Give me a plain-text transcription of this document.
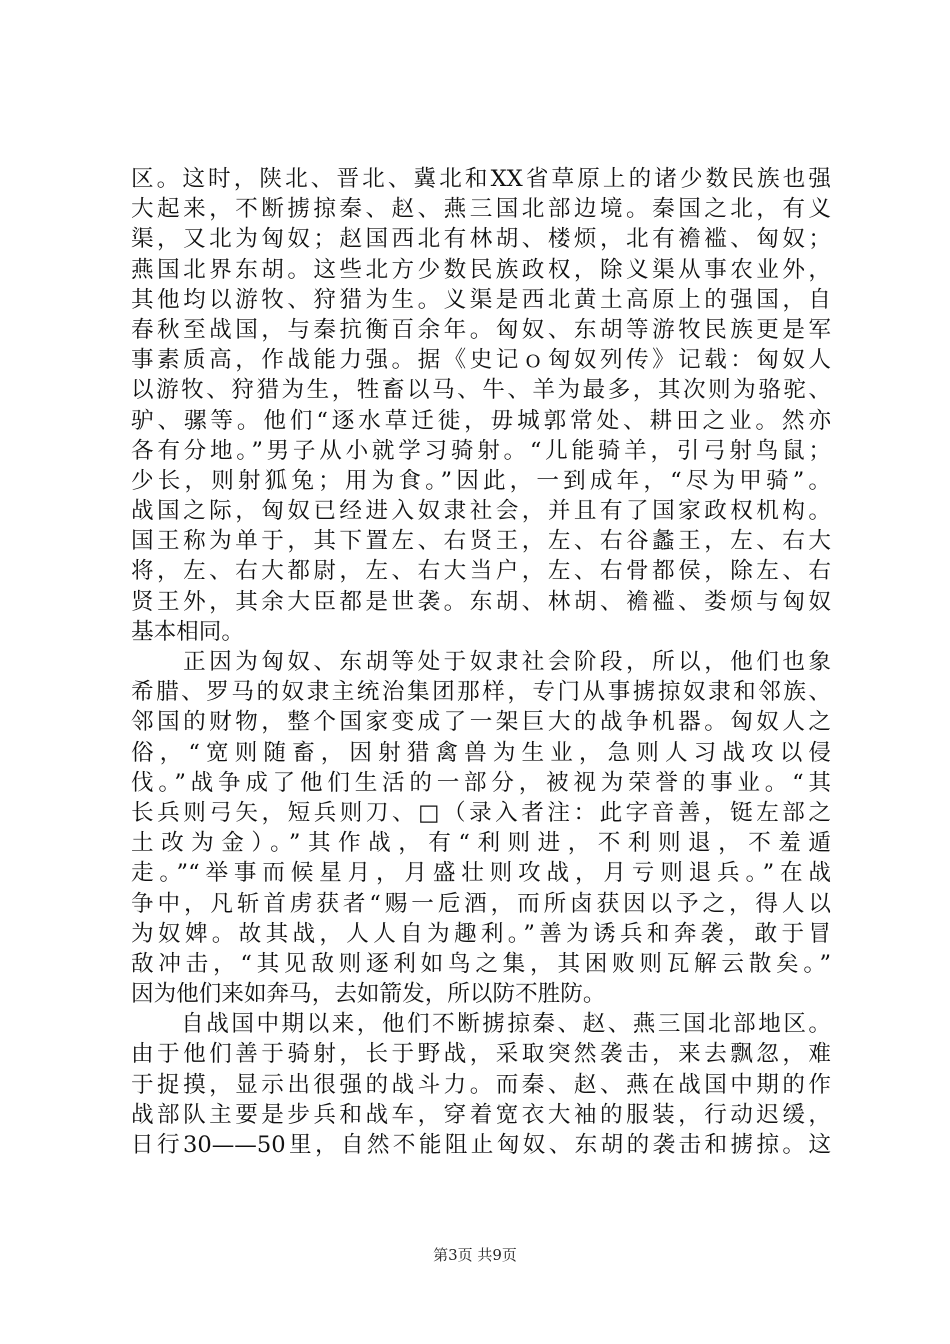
区。这时，陕北、晋北、冀北和XX省草原上的诸少数民族也强
大起来，不断掳掠秦、赵、燕三国北部边境。秦国之北，有义
渠，又北为匈奴；赵国西北有林胡、楼烦，北有襜褴、匈奴；
燕国北界东胡。这些北方少数民族政权，除义渠从事农业外，
其他均以游牧、狩猎为生。义渠是西北黄土高原上的强国，自
春秋至战国，与秦抗衡百余年。匈奴、东胡等游牧民族更是军
事素质高，作战能力强。据《史记ｏ匈奴列传》记载：匈奴人
以游牧、狩猎为生，牲畜以马、牛、羊为最多，其次则为骆驼、
驴、骡等。他们“逐水草迁徙，毋城郭常处、耕田之业。然亦
各有分地。”男子从小就学习骑射。“儿能骑羊，引弓射鸟鼠；
少长，则射狐兔；用为食。”因此，一到成年，“尽为甲骑”。
战国之际，匈奴已经进入奴隶社会，并且有了国家政权机构。
国王称为单于，其下置左、右贤王，左、右谷蠡王，左、右大
将，左、右大都尉，左、右大当户，左、右骨都侯，除左、右
贤王外，其余大臣都是世袭。东胡、林胡、襜褴、娄烦与匈奴
基本相同。
　　正因为匈奴、东胡等处于奴隶社会阶段，所以，他们也象
希腊、罗马的奴隶主统治集团那样，专门从事掳掠奴隶和邻族、
邻国的财物，整个国家变成了一架巨大的战争机器。匈奴人之
俗，“宽则随畜，因射猎禽兽为生业，急则人习战攻以侵
伐。”战争成了他们生活的一部分，被视为荣誉的事业。“其
长兵则弓矢，短兵则刀、□（录入者注：此字音善，铤左部之
土改为金）。”其作战，有“利则进，不利则退，不羞遁
走。”“举事而候星月，月盛壮则攻战，月亏则退兵。”在战
争中，凡斩首虏获者“赐一卮酒，而所卤获因以予之，得人以
为奴婢。故其战，人人自为趣利。”善为诱兵和奔袭，敢于冒
敌冲击，“其见敌则逐利如鸟之集，其困败则瓦解云散矣。”
因为他们来如奔马，去如箭发，所以防不胜防。
　　自战国中期以来，他们不断掳掠秦、赵、燕三国北部地区。
由于他们善于骑射，长于野战，采取突然袭击，来去飘忽，难
于捉摸，显示出很强的战斗力。而秦、赵、燕在战国中期的作
战部队主要是步兵和战车，穿着宽衣大袖的服装，行动迟缓，
日行30——50里，自然不能阻止匈奴、东胡的袭击和掳掠。这
第3页 共9页
